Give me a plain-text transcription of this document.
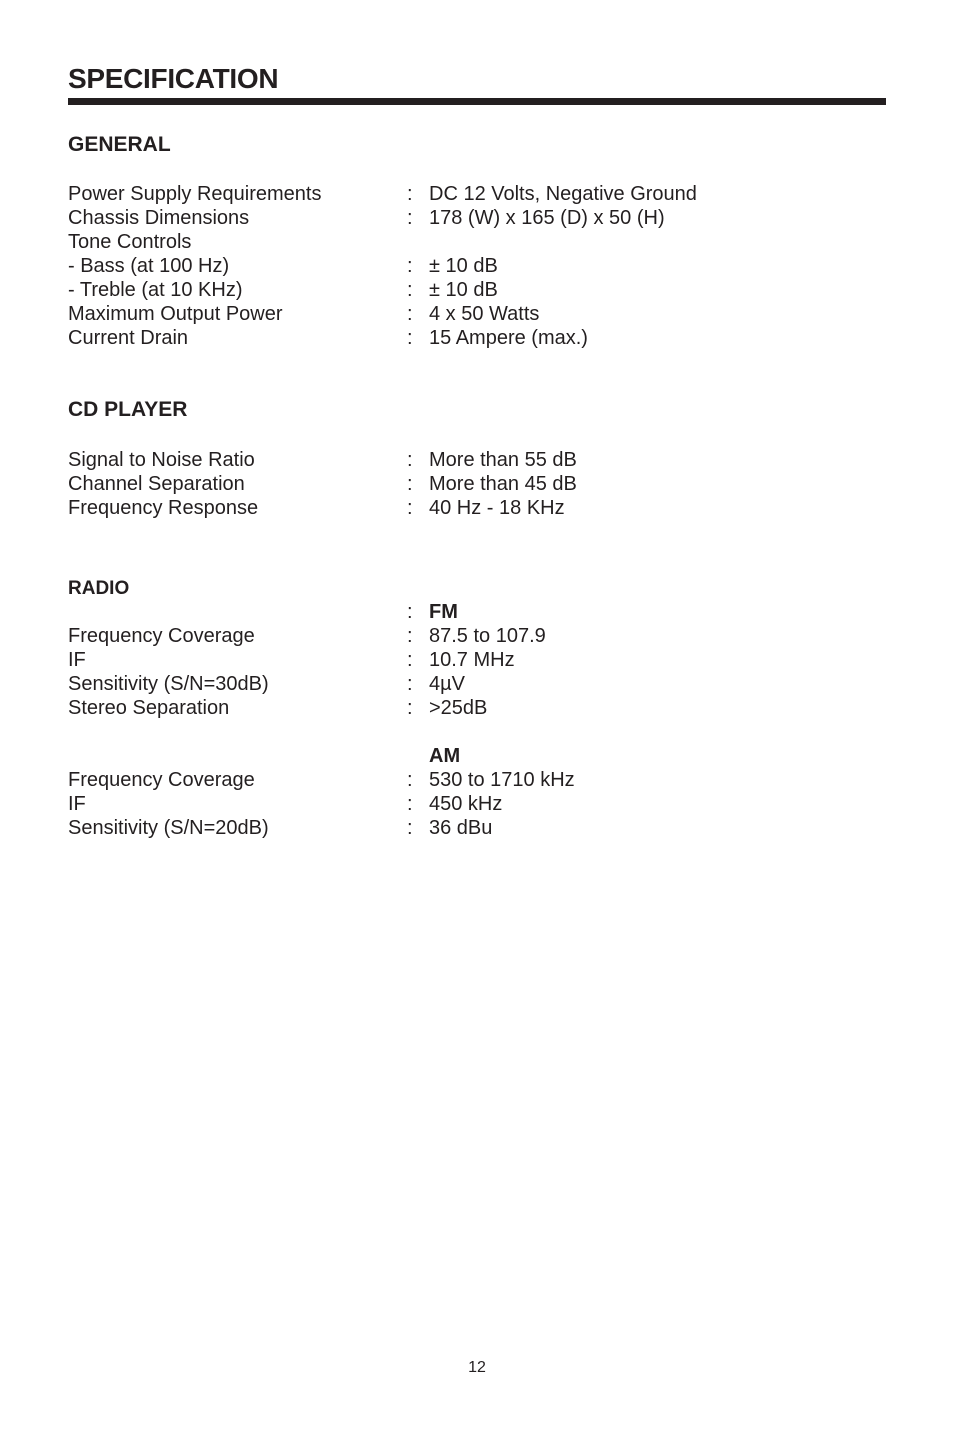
SPECIFICATION
GENERAL
Power Supply Requirements	: DC 12 Volts, Negative Ground
Chassis Dimensions	: 178 (W) x 165 (D) x 50 (H)
Tone Controls
- Bass (at 100 Hz)	: ± 10 dB
- Treble (at 10 KHz)	: ± 10 dB
Maximum Output Power	: 4 x 50 Watts
Current Drain	: 15 Ampere (max.)
CD PLAYER
Signal to Noise Ratio	: More than 55 dB
Channel Separation	: More than 45 dB
Frequency Response	: 40 Hz - 18 KHz
RADIO
: FM
Frequency Coverage	: 87.5 to 107.9
IF	: 10.7 MHz
Sensitivity (S/N=30dB)	: 4µV
Stereo Separation	: >25dB
AM
Frequency Coverage	: 530 to 1710 kHz
IF	: 450 kHz
Sensitivity (S/N=20dB)	: 36 dBu
12
